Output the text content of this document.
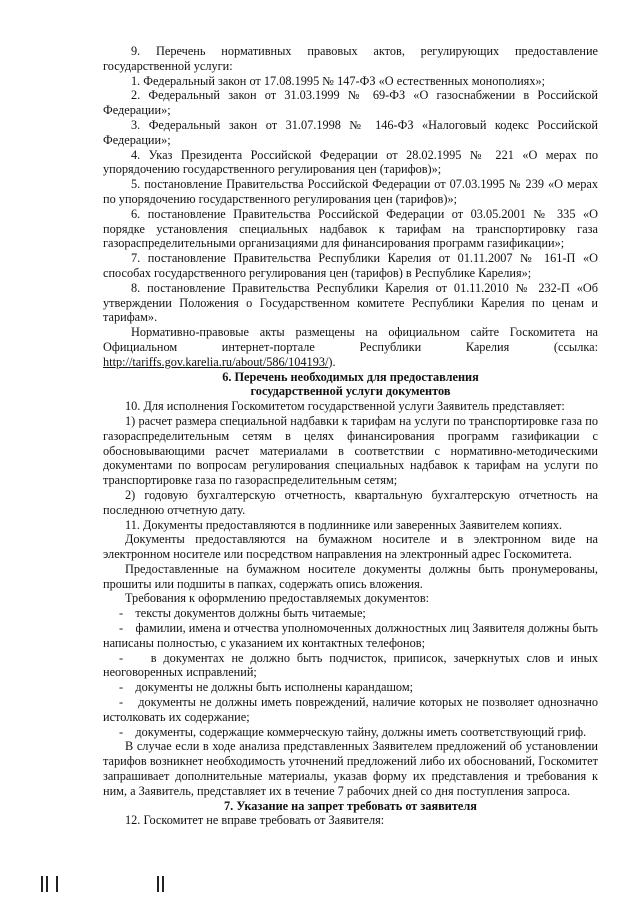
9. Перечень нормативных правовых актов, регулирующих предоставление государственной услуги:

1. Федеральный закон от 17.08.1995 № 147-ФЗ «О естественных монополиях»;

2. Федеральный закон от 31.03.1999 № 69-ФЗ «О газоснабжении в Российской Федерации»;

3. Федеральный закон от 31.07.1998 № 146-ФЗ «Налоговый кодекс Российской Федерации»;

4. Указ Президента Российской Федерации от 28.02.1995 № 221 «О мерах по упорядочению государственного регулирования цен (тарифов)»;

5. постановление Правительства Российской Федерации от 07.03.1995 № 239 «О мерах по упорядочению государственного регулирования цен (тарифов)»;

6. постановление Правительства Российской Федерации от 03.05.2001 № 335 «О порядке установления специальных надбавок к тарифам на транспортировку газа газораспределительными организациями для финансирования программ газификации»;

7. постановление Правительства Республики Карелия от 01.11.2007 № 161-П «О способах государственного регулирования цен (тарифов) в Республике Карелия»;

8. постановление Правительства Республики Карелия от 01.11.2010 № 232-П «Об утверждении Положения о Государственном комитете Республики Карелия по ценам и тарифам».

Нормативно-правовые акты размещены на официальном сайте Госкомитета на Официальном интернет-портале Республики Карелия (ссылка: http://tariffs.gov.karelia.ru/about/586/104193/).

6. Перечень необходимых для предоставления

государственной услуги документов

10. Для исполнения Госкомитетом государственной услуги Заявитель представляет:

1) расчет размера специальной надбавки к тарифам на услуги по транспортировке газа по газораспределительным сетям в целях финансирования программ газификации с обосновывающими расчет материалами в соответствии с нормативно-методическими документами по вопросам регулирования специальных надбавок к тарифам на услуги по транспортировке газа по газораспределительным сетям;

2) годовую бухгалтерскую отчетность, квартальную бухгалтерскую отчетность на последнюю отчетную дату.

11. Документы предоставляются в подлиннике или заверенных Заявителем копиях.

Документы предоставляются на бумажном носителе и в электронном виде на электронном носителе или посредством направления на электронный адрес Госкомитета.

Предоставленные на бумажном носителе документы должны быть пронумерованы, прошиты или подшиты в папках, содержать опись вложения.

Требования к оформлению предоставляемых документов:

- тексты документов должны быть читаемые;

- фамилии, имена и отчества уполномоченных должностных лиц Заявителя должны быть написаны полностью, с указанием их контактных телефонов;

- в документах не должно быть подчисток, приписок, зачеркнутых слов и иных неоговоренных исправлений;

- документы не должны быть исполнены карандашом;

- документы не должны иметь повреждений, наличие которых не позволяет однозначно истолковать их содержание;

- документы, содержащие коммерческую тайну, должны иметь соответствующий гриф.

В случае если в ходе анализа представленных Заявителем предложений об установлении тарифов возникнет необходимость уточнений предложений либо их обоснований, Госкомитет запрашивает дополнительные материалы, указав форму их представления и требования к ним, а Заявитель, представляет их в течение 7 рабочих дней со дня поступления запроса.

7. Указание на запрет требовать от заявителя

12. Госкомитет не вправе требовать от Заявителя:
